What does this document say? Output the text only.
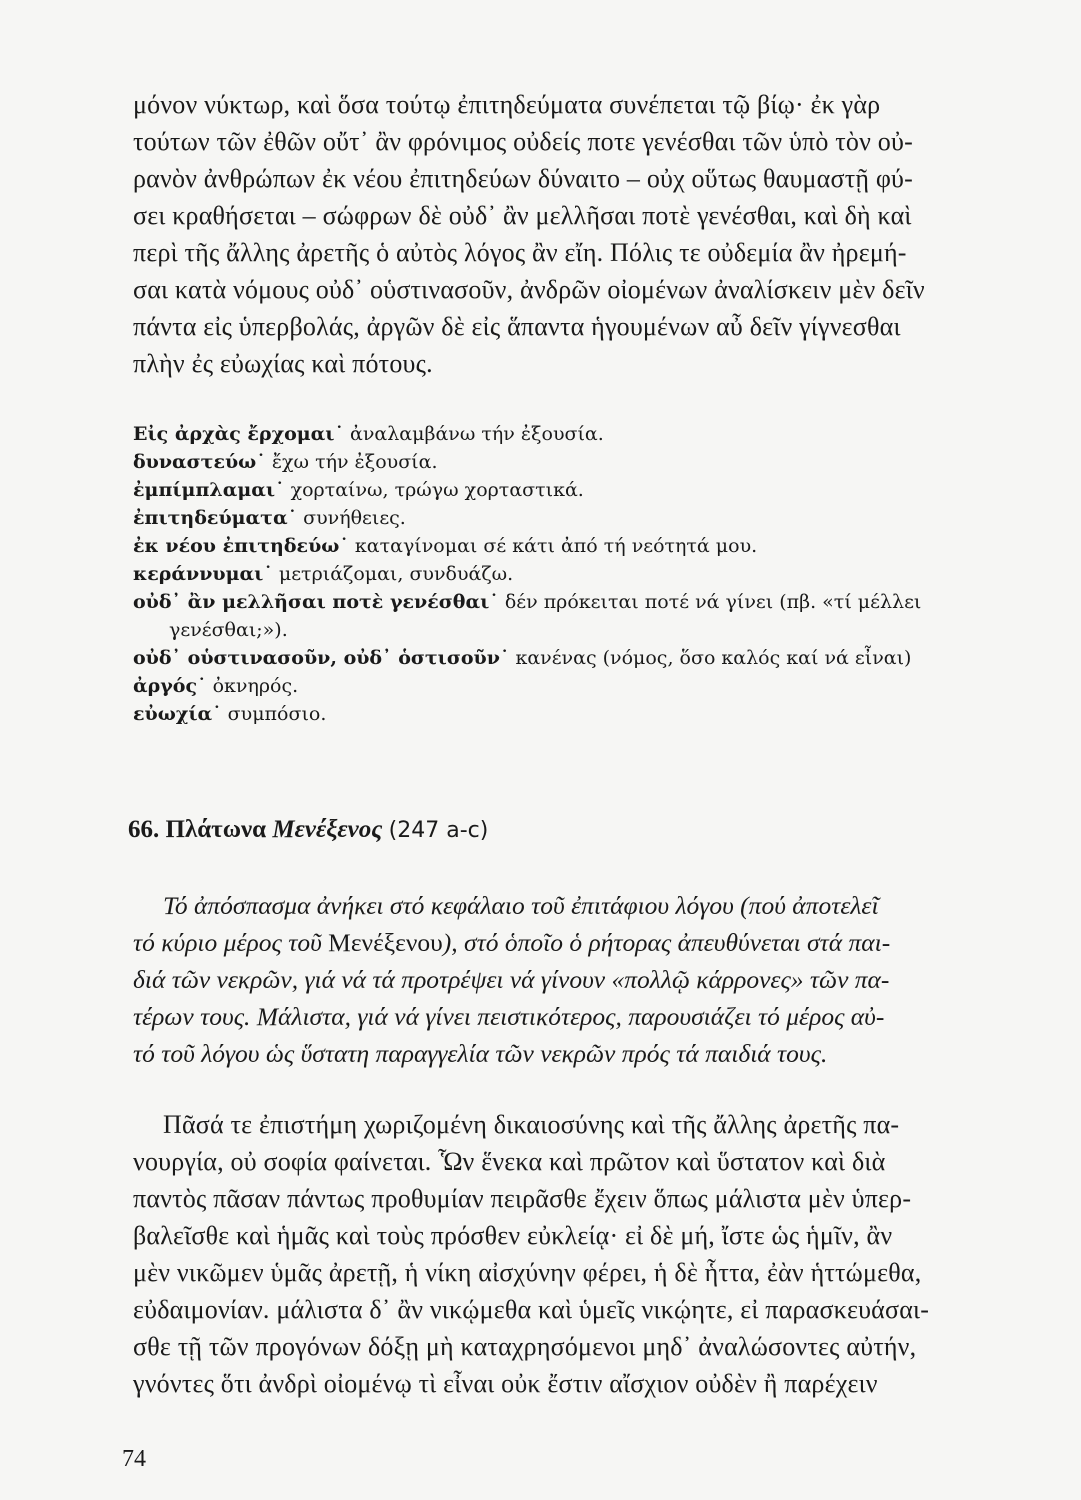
μόνον νύκτωρ, καὶ ὅσα τούτῳ ἐπιτηδεύματα συνέπεται τῷ βίῳ· ἐκ γὰρ
τούτων τῶν ἐθῶν οὔτ᾽ ἂν φρόνιμος οὐδείς ποτε γενέσθαι τῶν ὑπὸ τὸν οὐ-
ρανὸν ἀνθρώπων ἐκ νέου ἐπιτηδεύων δύναιτο – οὐχ οὕτως θαυμαστῇ φύ-
σει κραθήσεται – σώφρων δὲ οὐδ᾽ ἂν μελλῆσαι ποτὲ γενέσθαι, καὶ δὴ καὶ
περὶ τῆς ἄλλης ἀρετῆς ὁ αὐτὸς λόγος ἂν εἴη. Πόλις τε οὐδεμία ἂν ἠρεμή-
σαι κατὰ νόμους οὐδ᾽ οὑστινασοῦν, ἀνδρῶν οἰομένων ἀναλίσκειν μὲν δεῖν
πάντα εἰς ὑπερβολάς, ἀργῶν δὲ εἰς ἅπαντα ἡγουμένων αὖ δεῖν γίγνεσθαι
πλὴν ἐς εὐωχίας καὶ πότους.
Εἰς ἀρχὰς ἔρχομαι˙ ἀναλαμβάνω τήν ἐξουσία.
δυναστεύω˙ ἔχω τήν ἐξουσία.
ἐμπίμπλαμαι˙ χορταίνω, τρώγω χορταστικά.
ἐπιτηδεύματα˙ συνήθειες.
ἐκ νέου ἐπιτηδεύω˙ καταγίνομαι σέ κάτι ἀπό τή νεότητά μου.
κεράννυμαι˙ μετριάζομαι, συνδυάζω.
οὐδ᾽ ἂν μελλῆσαι ποτὲ γενέσθαι˙ δέν πρόκειται ποτέ νά γίνει (πβ. «τί μέλλει
γενέσθαι;»).
οὐδ᾽ οὑστινασοῦν, οὐδ᾽ ὁστισοῦν˙ κανένας (νόμος, ὅσο καλός καί νά εἶναι)
ἀργός˙ ὀκνηρός.
εὐωχία˙ συμπόσιο.
66. Πλάτωνα Μενέξενος (247 a-c)
Τό ἀπόσπασμα ἀνήκει στό κεφάλαιο τοῦ ἐπιτάφιου λόγου (πού ἀποτελεῖ
τό κύριο μέρος τοῦ Μενέξενου), στό ὁποῖο ὁ ρήτορας ἀπευθύνεται στά παι-
διά τῶν νεκρῶν, γιά νά τά προτρέψει νά γίνουν «πολλῷ κάρρονες» τῶν πα-
τέρων τους. Μάλιστα, γιά νά γίνει πειστικότερος, παρουσιάζει τό μέρος αὐ-
τό τοῦ λόγου ὡς ὕστατη παραγγελία τῶν νεκρῶν πρός τά παιδιά τους.
Πᾶσά τε ἐπιστήμη χωριζομένη δικαιοσύνης καὶ τῆς ἄλλης ἀρετῆς πα-
νουργία, οὐ σοφία φαίνεται. Ὧν ἕνεκα καὶ πρῶτον καὶ ὕστατον καὶ διὰ
παντὸς πᾶσαν πάντως προθυμίαν πειρᾶσθε ἔχειν ὅπως μάλιστα μὲν ὑπερ-
βαλεῖσθε καὶ ἡμᾶς καὶ τοὺς πρόσθεν εὐκλείᾳ· εἰ δὲ μή, ἴστε ὡς ἡμῖν, ἂν
μὲν νικῶμεν ὑμᾶς ἀρετῇ, ἡ νίκη αἰσχύνην φέρει, ἡ δὲ ἧττα, ἐὰν ἡττώμεθα,
εὐδαιμονίαν. μάλιστα δ᾽ ἂν νικῴμεθα καὶ ὑμεῖς νικῴητε, εἰ παρασκευάσαι-
σθε τῇ τῶν προγόνων δόξῃ μὴ καταχρησόμενοι μηδ᾽ ἀναλώσοντες αὐτήν,
γνόντες ὅτι ἀνδρὶ οἰομένῳ τὶ εἶναι οὐκ ἔστιν αἴσχιον οὐδὲν ἢ παρέχειν
74
